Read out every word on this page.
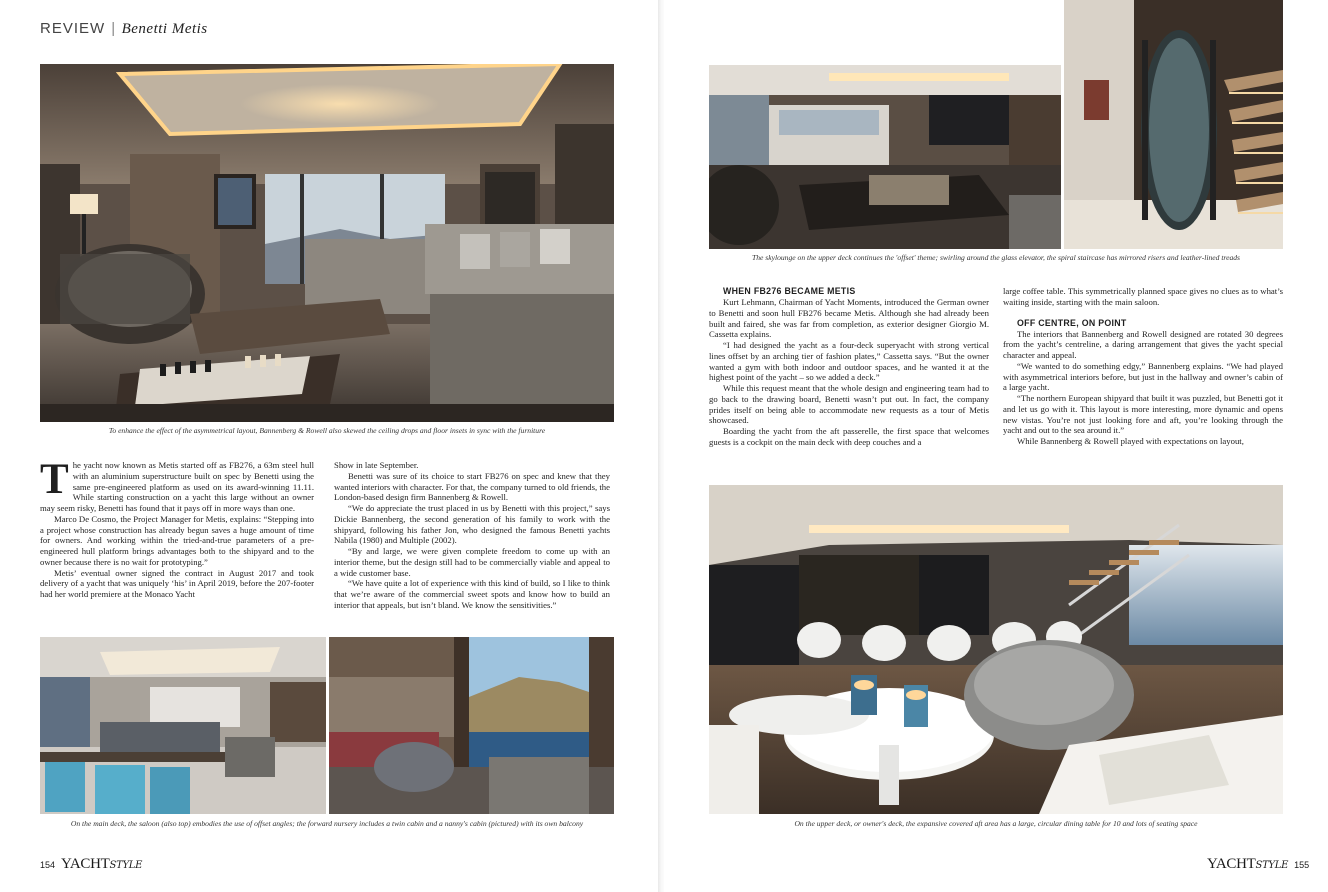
REVIEW | Benetti Metis
To enhance the effect of the asymmetrical layout, Bannenberg & Rowell also skewed the ceiling drops and floor insets in sync with the furniture

The yacht now known as Metis started off as FB276, a 63m steel hull with an aluminium superstructure built on spec by Benetti using the same pre-engineered platform as used on its award-winning 11.11. While starting construction on a yacht this large without an owner may seem risky, Benetti has found that it pays off in more ways than one.

Marco De Cosmo, the Project Manager for Metis, explains: “Stepping into a project whose construction has already begun saves a huge amount of time for owners. And working within the tried-and-true parameters of a pre-engineered hull platform brings advantages both to the shipyard and to the owner because there is no wait for prototyping.”

Metis’ eventual owner signed the contract in August 2017 and took delivery of a yacht that was uniquely ‘his’ in April 2019, before the 207-footer had her world premiere at the Monaco Yacht

Show in late September.

Benetti was sure of its choice to start FB276 on spec and knew that they wanted interiors with character. For that, the company turned to old friends, the London-based design firm Bannenberg & Rowell.

“We do appreciate the trust placed in us by Benetti with this project,” says Dickie Bannenberg, the second generation of his family to work with the shipyard, following his father Jon, who designed the famous Benetti yachts Nabila (1980) and Multiple (2002).

“By and large, we were given complete freedom to come up with an interior theme, but the design still had to be commercially viable and appeal to a wide customer base.

“We have quite a lot of experience with this kind of build, so I like to think that we’re aware of the commercial sweet spots and know how to build an interior that appeals, but isn’t bland. We know the sensitivities.”

On the main deck, the saloon (also top) embodies the use of offset angles; the forward nursery includes a twin cabin and a nanny's cabin (pictured) with its own balcony
154 YACHTstyle
The skylounge on the upper deck continues the 'offset' theme; swirling around the glass elevator, the spiral staircase has mirrored risers and leather-lined treads
WHEN FB276 BECAME METIS

Kurt Lehmann, Chairman of Yacht Moments, introduced the German owner to Benetti and soon hull FB276 became Metis. Although she had already been built and faired, she was far from completion, as exterior designer Giorgio M. Cassetta explains.

“I had designed the yacht as a four-deck superyacht with strong vertical lines offset by an arching tier of fashion plates,” Cassetta says. “But the owner wanted a gym with both indoor and outdoor spaces, and he wanted it at the highest point of the yacht – so we added a deck.”

While this request meant that the whole design and engineering team had to go back to the drawing board, Benetti wasn’t put out. In fact, the company prides itself on being able to accommodate new requests as a tour of Metis showcased.

Boarding the yacht from the aft passerelle, the first space that welcomes guests is a cockpit on the main deck with deep couches and a

large coffee table. This symmetrically planned space gives no clues as to what’s waiting inside, starting with the main saloon.

OFF CENTRE, ON POINT

The interiors that Bannenberg and Rowell designed are rotated 30 degrees from the yacht’s centreline, a daring arrangement that gives the yacht special character and appeal.

“We wanted to do something edgy,” Bannenberg explains. “We had played with asymmetrical interiors before, but just in the hallway and owner’s cabin of a large yacht.

“The northern European shipyard that built it was puzzled, but Benetti got it and let us go with it. This layout is more interesting, more dynamic and opens new vistas. You’re not just looking fore and aft, you’re looking through the yacht and out to the sea around it.”

While Bannenberg & Rowell played with expectations on layout,

On the upper deck, or owner's deck, the expansive covered aft area has a large, circular dining table for 10 and lots of seating space
YACHTstyle 155
